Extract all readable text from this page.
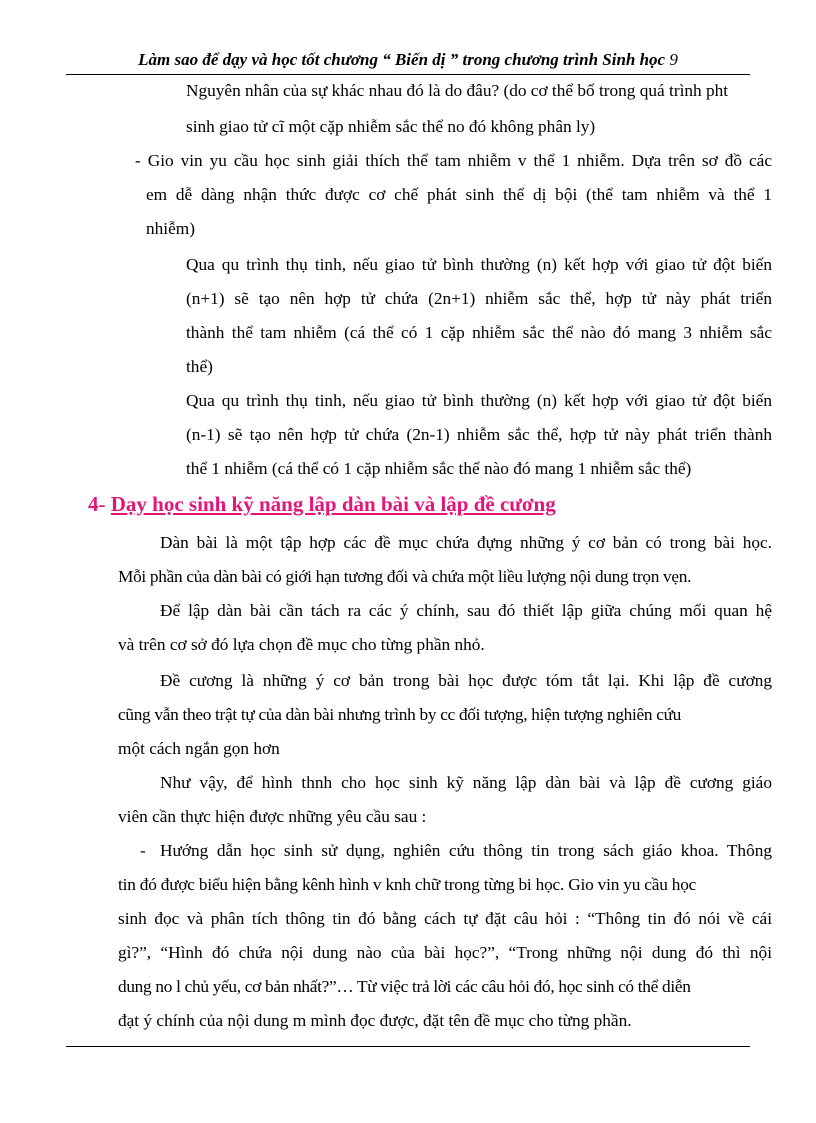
Làm sao để dạy và học tốt chương “ Biến dị ” trong chương trình Sinh học 9
Nguyên nhân của sự khác nhau đó là do đâu? (do cơ thể bố trong quá trình pht
sinh giao tử cĩ một cặp nhiễm sắc thể no đó không phân ly)
- Gio vin yu cầu học sinh giải thích thể tam nhiễm v thể 1 nhiễm. Dựa trên sơ đồ các
em dễ dàng nhận thức được cơ chế phát sinh thể dị bội (thể tam nhiễm và thể 1
nhiễm)
Qua qu trình thụ tinh, nếu giao tử bình thường (n) kết hợp với giao tử đột biến
(n+1) sẽ tạo nên hợp tử chứa (2n+1) nhiễm sắc thể, hợp tử này phát triển
thành thể tam nhiễm (cá thể có 1 cặp nhiễm sắc thể nào đó mang 3 nhiễm sắc
thể)
Qua qu trình thụ tinh, nếu giao tử bình thường (n) kết hợp với giao tử đột biến
(n-1) sẽ tạo nên hợp tử chứa (2n-1) nhiễm sắc thể, hợp tử này phát triển thành
thể 1 nhiễm (cá thể có 1 cặp nhiễm sắc thể nào đó mang 1 nhiễm sắc thể)
4- Dạy học sinh kỹ năng lập dàn bài và lập đề cương
Dàn bài là một tập hợp các đề mục chứa đựng những ý cơ bản có trong bài học.
Mỗi phần của dàn bài có giới hạn tương đối và chứa một liều lượng nội dung trọn vẹn.
Để lập dàn bài cần tách ra các ý chính, sau đó thiết lập giữa chúng mối quan hệ
và trên cơ sở đó lựa chọn đề mục cho từng phần nhỏ.
Đề cương là những ý cơ bản trong bài học được tóm tắt lại. Khi lập đề cương
cũng vẫn theo trật tự của dàn bài nhưng trình by cc đối tượng, hiện tượng nghiên cứu
một cách ngắn gọn hơn
Như vậy, để hình thnh cho học sinh kỹ năng lập dàn bài và lập đề cương giáo
viên cần thực hiện được những yêu cầu sau :
- Hướng dẫn học sinh sử dụng, nghiên cứu thông tin trong sách giáo khoa. Thông
tin đó được biểu hiện bằng kênh hình v knh chữ trong từng bi học. Gio vin yu cầu học
sinh đọc và phân tích thông tin đó bằng cách tự đặt câu hỏi : “Thông tin đó nói về cái
gì?”, “Hình đó chứa nội dung nào của bài học?”, “Trong những nội dung đó thì nội
dung no l chủ yếu, cơ bản nhất?”… Từ việc trả lời các câu hỏi đó, học sinh có thể diễn
đạt ý chính của nội dung m mình đọc được, đặt tên đề mục cho từng phần.
